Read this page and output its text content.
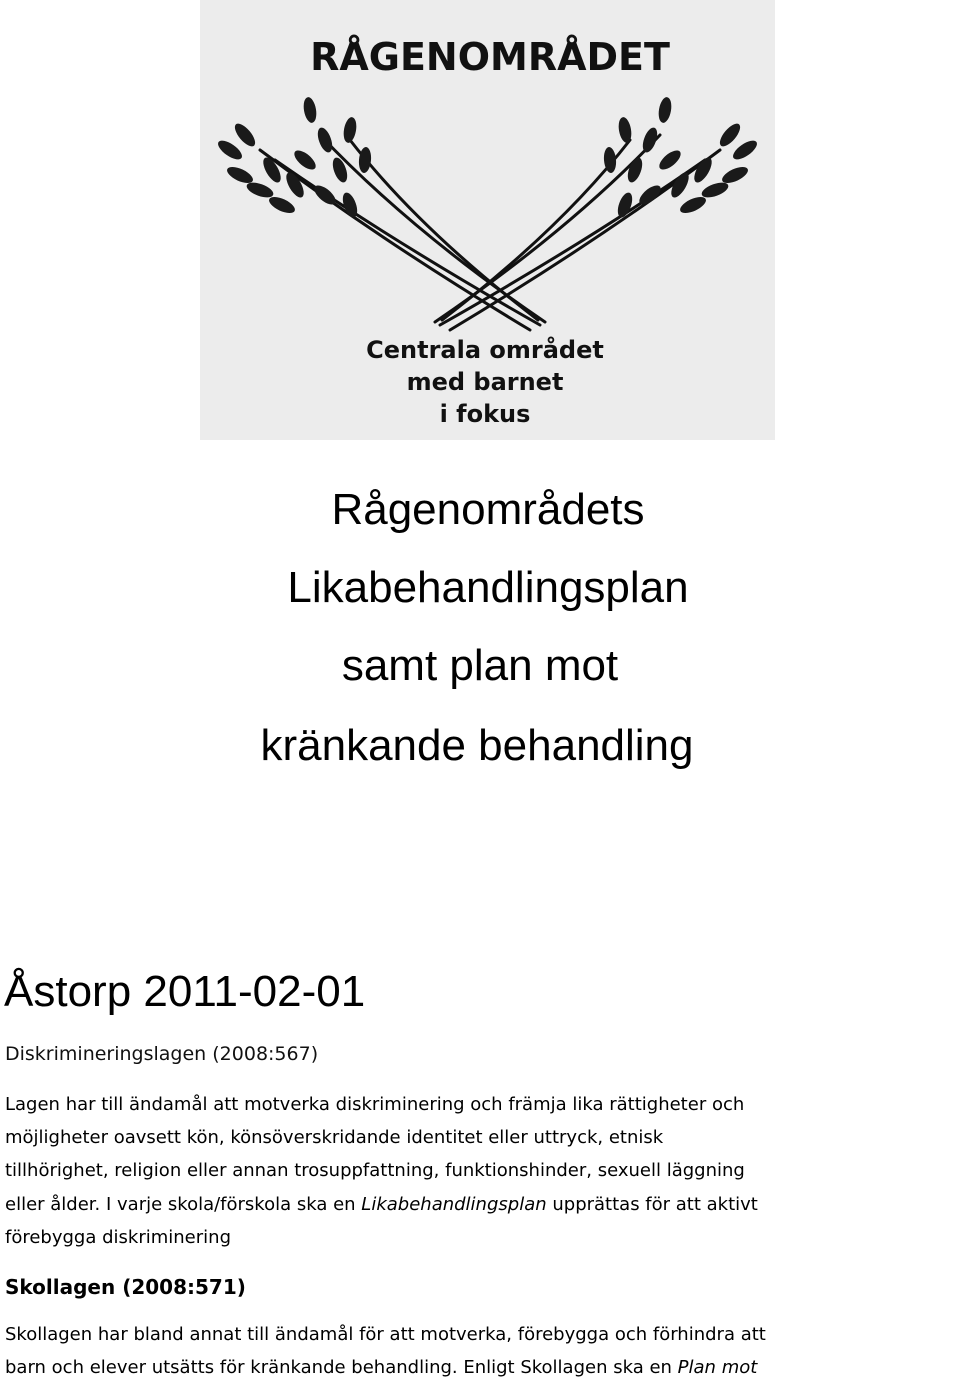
RÅGENOMRÅDET
Centrala området
med barnet
i fokus
Rågenområdets
Likabehandlingsplan
samt plan mot
kränkande behandling
Åstorp 2011-02-01
Diskrimineringslagen (2008:567)
Lagen har till ändamål att motverka diskriminering och främja lika rättigheter och
möjligheter oavsett kön, könsöverskridande identitet eller uttryck, etnisk
tillhörighet, religion eller annan trosuppfattning, funktionshinder, sexuell läggning
eller ålder. I varje skola/förskola ska en Likabehandlingsplan upprättas för att aktivt
förebygga diskriminering
Skollagen (2008:571)
Skollagen har bland annat till ändamål för att motverka, förebygga och förhindra att
barn och elever utsätts för kränkande behandling. Enligt Skollagen ska en Plan mot
